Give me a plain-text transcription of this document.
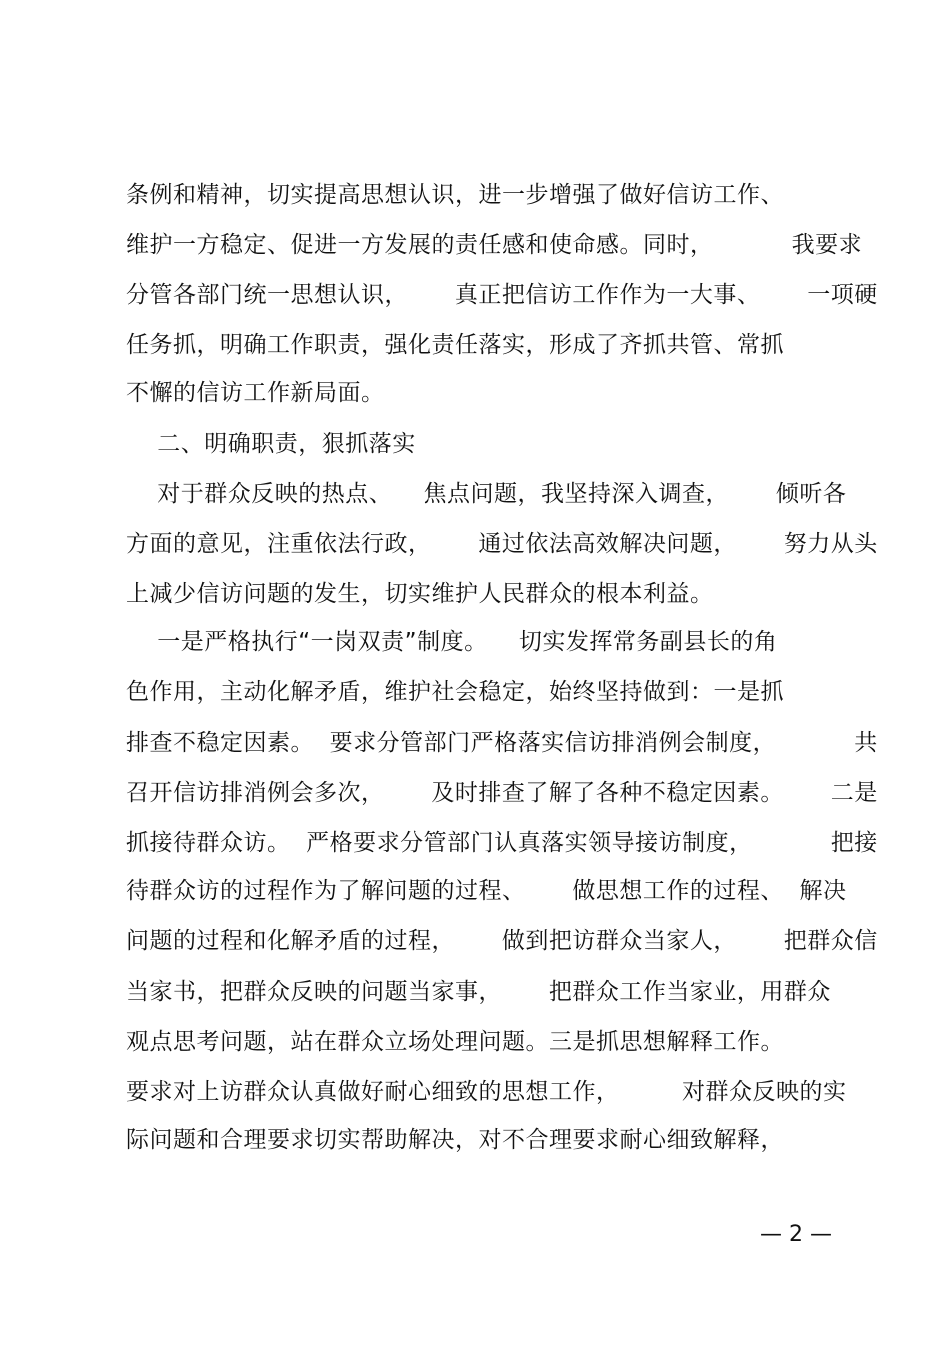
条例和精神，切实提高思想认识，进一步增强了做好信访工作、
维护一方稳定、促进一方发展的责任感和使命感。同时，          我要求
分管各部门统一思想认识，      真正把信访工作作为一大事、      一项硬
任务抓，明确工作职责，强化责任落实，形成了齐抓共管、常抓
不懈的信访工作新局面。
二、明确职责，狠抓落实
对于群众反映的热点、    焦点问题，我坚持深入调查，      倾听各
方面的意见，注重依法行政，      通过依法高效解决问题，      努力从头
上减少信访问题的发生，切实维护人民群众的根本利益。
一是严格执行“一岗双责”制度。    切实发挥常务副县长的角
色作用，主动化解矛盾，维护社会稳定，始终坚持做到：一是抓
排查不稳定因素。  要求分管部门严格落实信访排消例会制度，          共
召开信访排消例会多次，      及时排查了解了各种不稳定因素。      二是
抓接待群众访。  严格要求分管部门认真落实领导接访制度，          把接
待群众访的过程作为了解问题的过程、      做思想工作的过程、  解决
问题的过程和化解矛盾的过程，      做到把访群众当家人，      把群众信
当家书，把群众反映的问题当家事，      把群众工作当家业，用群众
观点思考问题，站在群众立场处理问题。三是抓思想解释工作。
要求对上访群众认真做好耐心细致的思想工作，        对群众反映的实
际问题和合理要求切实帮助解决，对不合理要求耐心细致解释，
— 2 —
